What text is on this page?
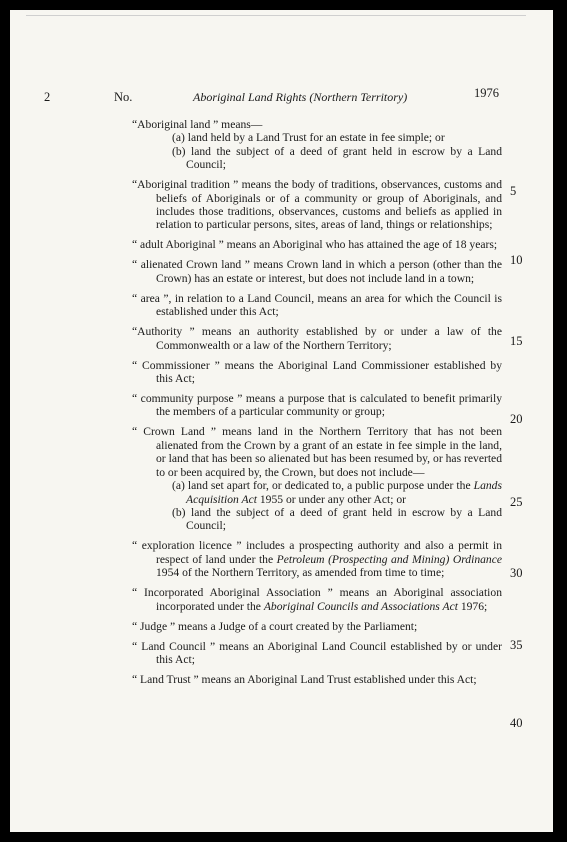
2	No.	Aboriginal Land Rights (Northern Territory)	1976
“Aboriginal land ” means—
(a) land held by a Land Trust for an estate in fee simple; or
(b) land the subject of a deed of grant held in escrow by a Land Council;
“Aboriginal tradition ” means the body of traditions, observances, customs and beliefs of Aboriginals or of a community or group of Aboriginals, and includes those traditions, observances, customs and beliefs as applied in relation to particular persons, sites, areas of land, things or relationships;
“ adult Aboriginal ” means an Aboriginal who has attained the age of 18 years;
“ alienated Crown land ” means Crown land in which a person (other than the Crown) has an estate or interest, but does not include land in a town;
“ area ”, in relation to a Land Council, means an area for which the Council is established under this Act;
“Authority ” means an authority established by or under a law of the Commonwealth or a law of the Northern Territory;
“ Commissioner ” means the Aboriginal Land Commissioner established by this Act;
“ community purpose ” means a purpose that is calculated to benefit primarily the members of a particular community or group;
“ Crown Land ” means land in the Northern Territory that has not been alienated from the Crown by a grant of an estate in fee simple in the land, or land that has been so alienated but has been resumed by, or has reverted to or been acquired by, the Crown, but does not include—
(a) land set apart for, or dedicated to, a public purpose under the Lands Acquisition Act 1955 or under any other Act; or
(b) land the subject of a deed of grant held in escrow by a Land Council;
“ exploration licence ” includes a prospecting authority and also a permit in respect of land under the Petroleum (Prospecting and Mining) Ordinance 1954 of the Northern Territory, as amended from time to time;
“ Incorporated Aboriginal Association ” means an Aboriginal association incorporated under the Aboriginal Councils and Associations Act 1976;
“ Judge ” means a Judge of a court created by the Parliament;
“ Land Council ” means an Aboriginal Land Council established by or under this Act;
“ Land Trust ” means an Aboriginal Land Trust established under this Act;
5
10
15
20
25
30
35
40
